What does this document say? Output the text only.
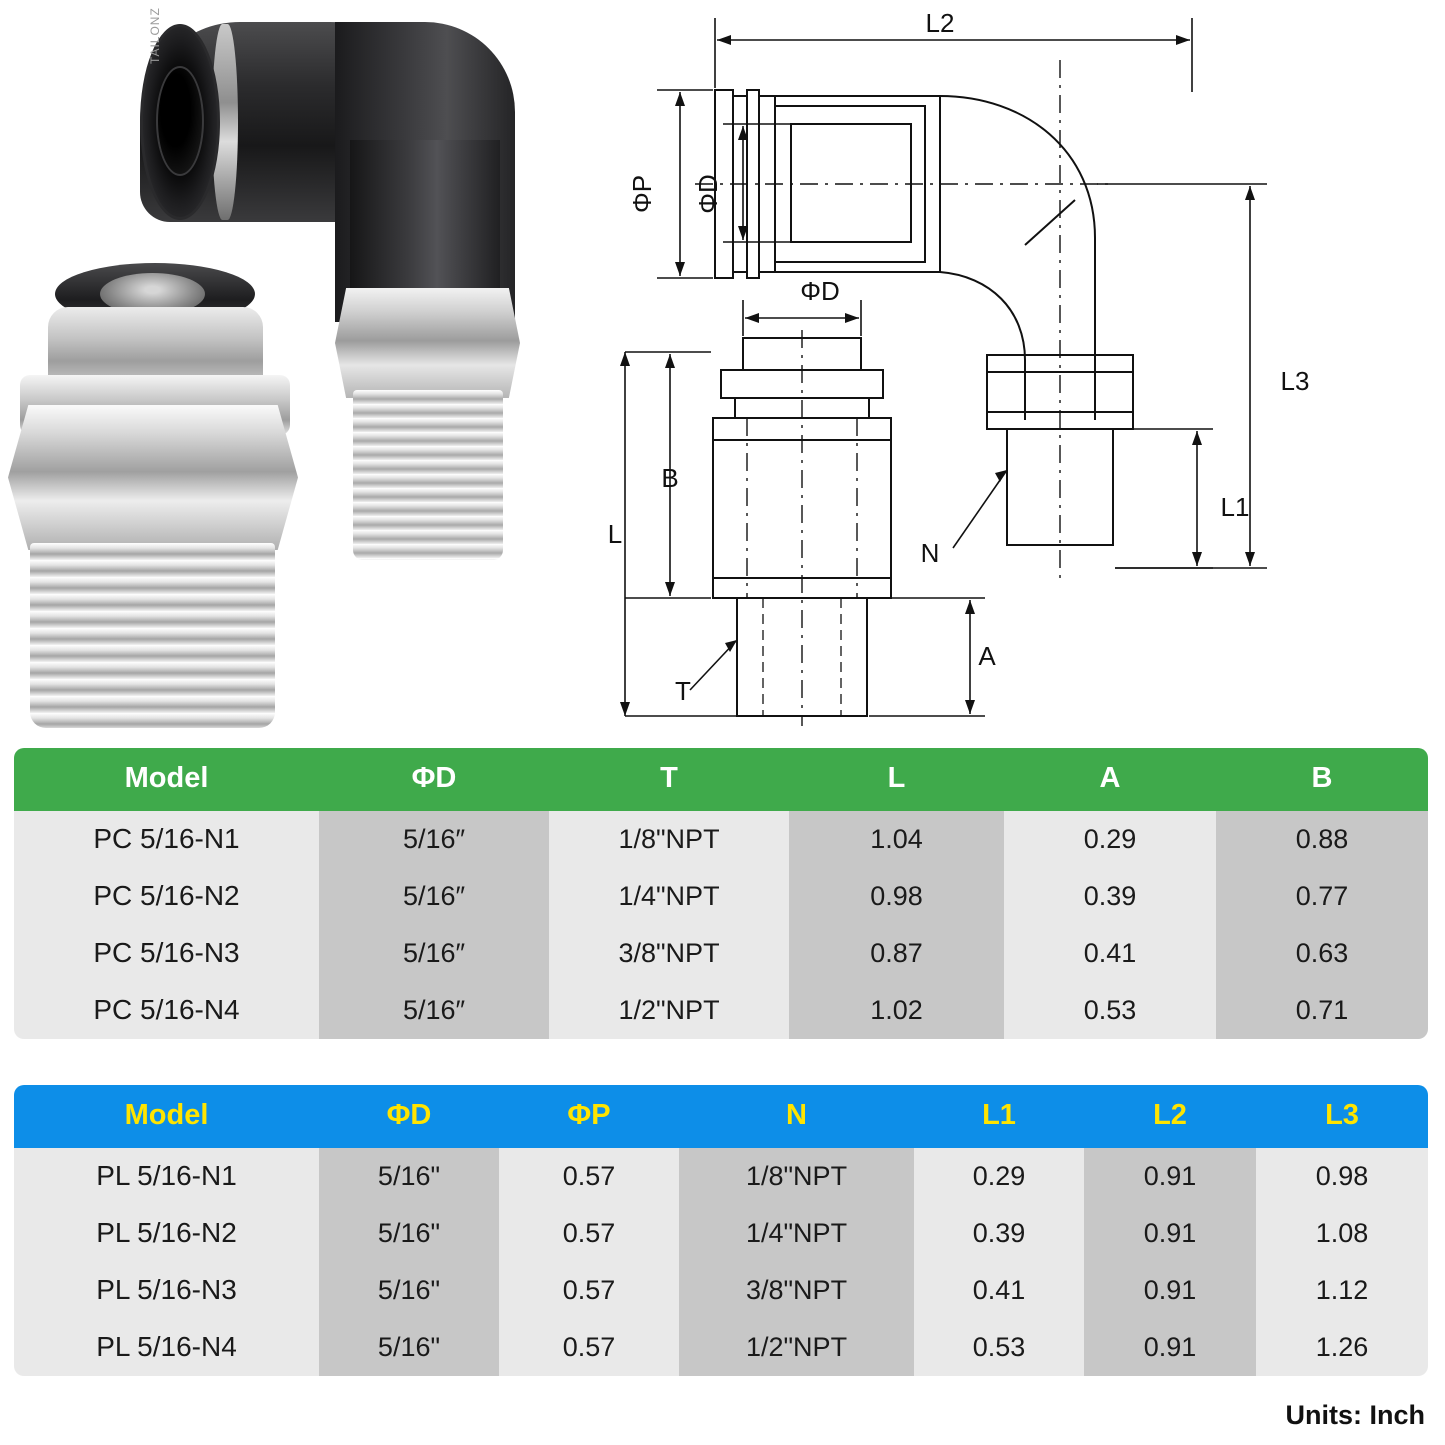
TAILONZ	L2
ΦP ΦD
L3
L1
N
ΦD
B
L
A
T
Model	ΦD	T	L	A	B
PC 5/16-N1	5/16″	1/8"NPT	1.04	0.29	0.88
PC 5/16-N2	5/16″	1/4"NPT	0.98	0.39	0.77
PC 5/16-N3	5/16″	3/8"NPT	0.87	0.41	0.63
PC 5/16-N4	5/16″	1/2"NPT	1.02	0.53	0.71
Model	ΦD	ΦP	N	L1	L2	L3
PL 5/16-N1	5/16"	0.57	1/8"NPT	0.29	0.91	0.98
PL 5/16-N2	5/16"	0.57	1/4"NPT	0.39	0.91	1.08
PL 5/16-N3	5/16"	0.57	3/8"NPT	0.41	0.91	1.12
PL 5/16-N4	5/16"	0.57	1/2"NPT	0.53	0.91	1.26
Units: Inch
